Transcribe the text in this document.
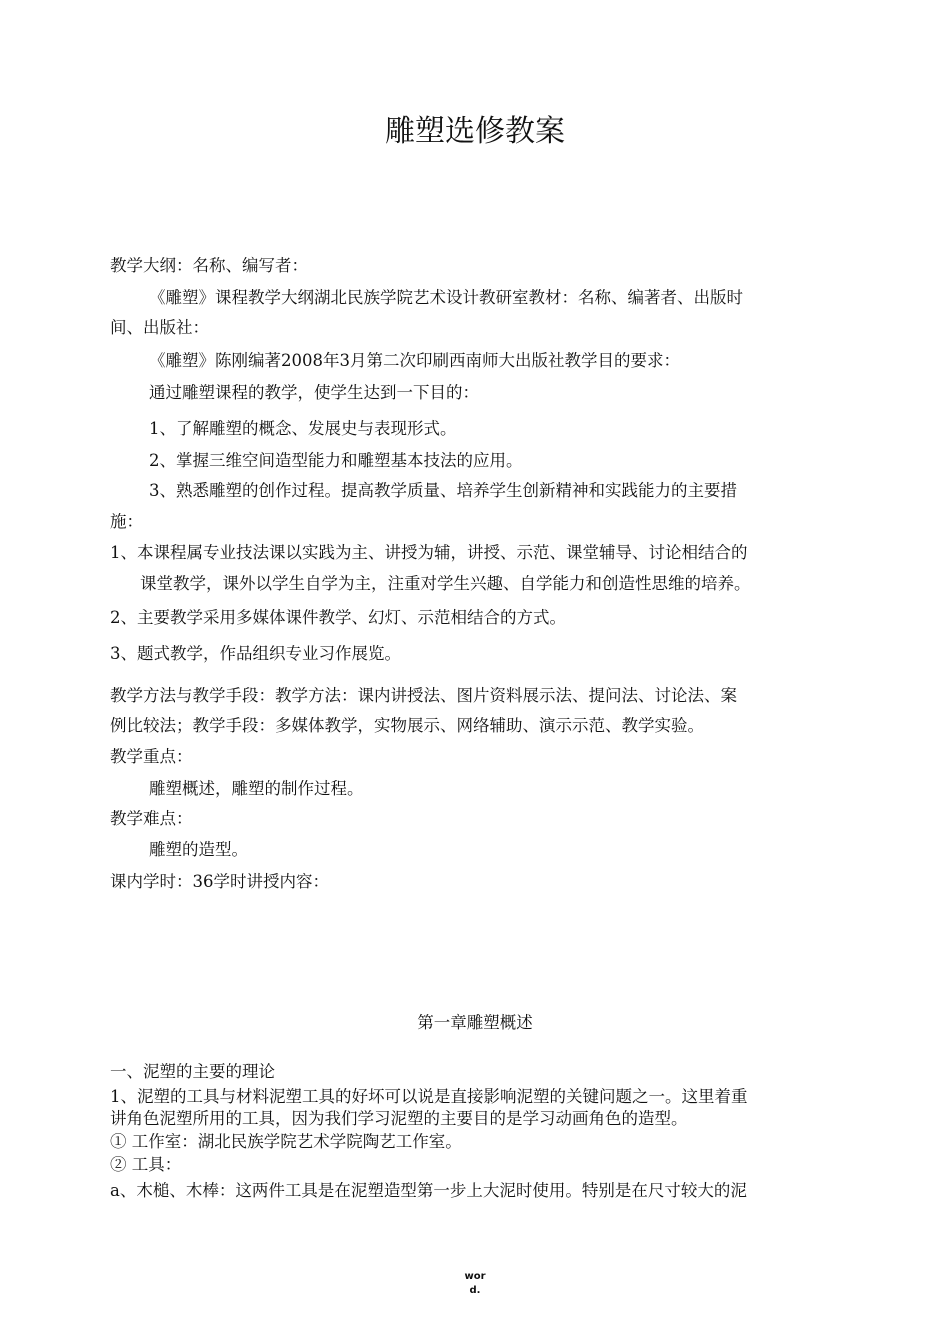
雕塑选修教案
教学大纲：名称、编写者：
《雕塑》课程教学大纲湖北民族学院艺术设计教研室教材：名称、编著者、出版时
间、出版社：
《雕塑》陈刚编著2008年3月第二次印刷西南师大出版社教学目的要求：
通过雕塑课程的教学，使学生达到一下目的：
1、了解雕塑的概念、发展史与表现形式。
2、掌握三维空间造型能力和雕塑基本技法的应用。
3、熟悉雕塑的创作过程。提高教学质量、培养学生创新精神和实践能力的主要措
施：
1、本课程属专业技法课以实践为主、讲授为辅，讲授、示范、课堂辅导、讨论相结合的
课堂教学，课外以学生自学为主，注重对学生兴趣、自学能力和创造性思维的培养。
2、主要教学采用多媒体课件教学、幻灯、示范相结合的方式。
3、题式教学，作品组织专业习作展览。
教学方法与教学手段：教学方法：课内讲授法、图片资料展示法、提问法、讨论法、案
例比较法；教学手段：多媒体教学，实物展示、网络辅助、演示示范、教学实验。
教学重点：
雕塑概述，雕塑的制作过程。
教学难点：
雕塑的造型。
课内学时：36学时讲授内容：
第一章雕塑概述
一、泥塑的主要的理论
1、泥塑的工具与材料泥塑工具的好坏可以说是直接影响泥塑的关键问题之一。这里着重
讲角色泥塑所用的工具，因为我们学习泥塑的主要目的是学习动画角色的造型。
① 工作室：湖北民族学院艺术学院陶艺工作室。
② 工具：
a、木槌、木棒：这两件工具是在泥塑造型第一步上大泥时使用。特别是在尺寸较大的泥
wor
d.
